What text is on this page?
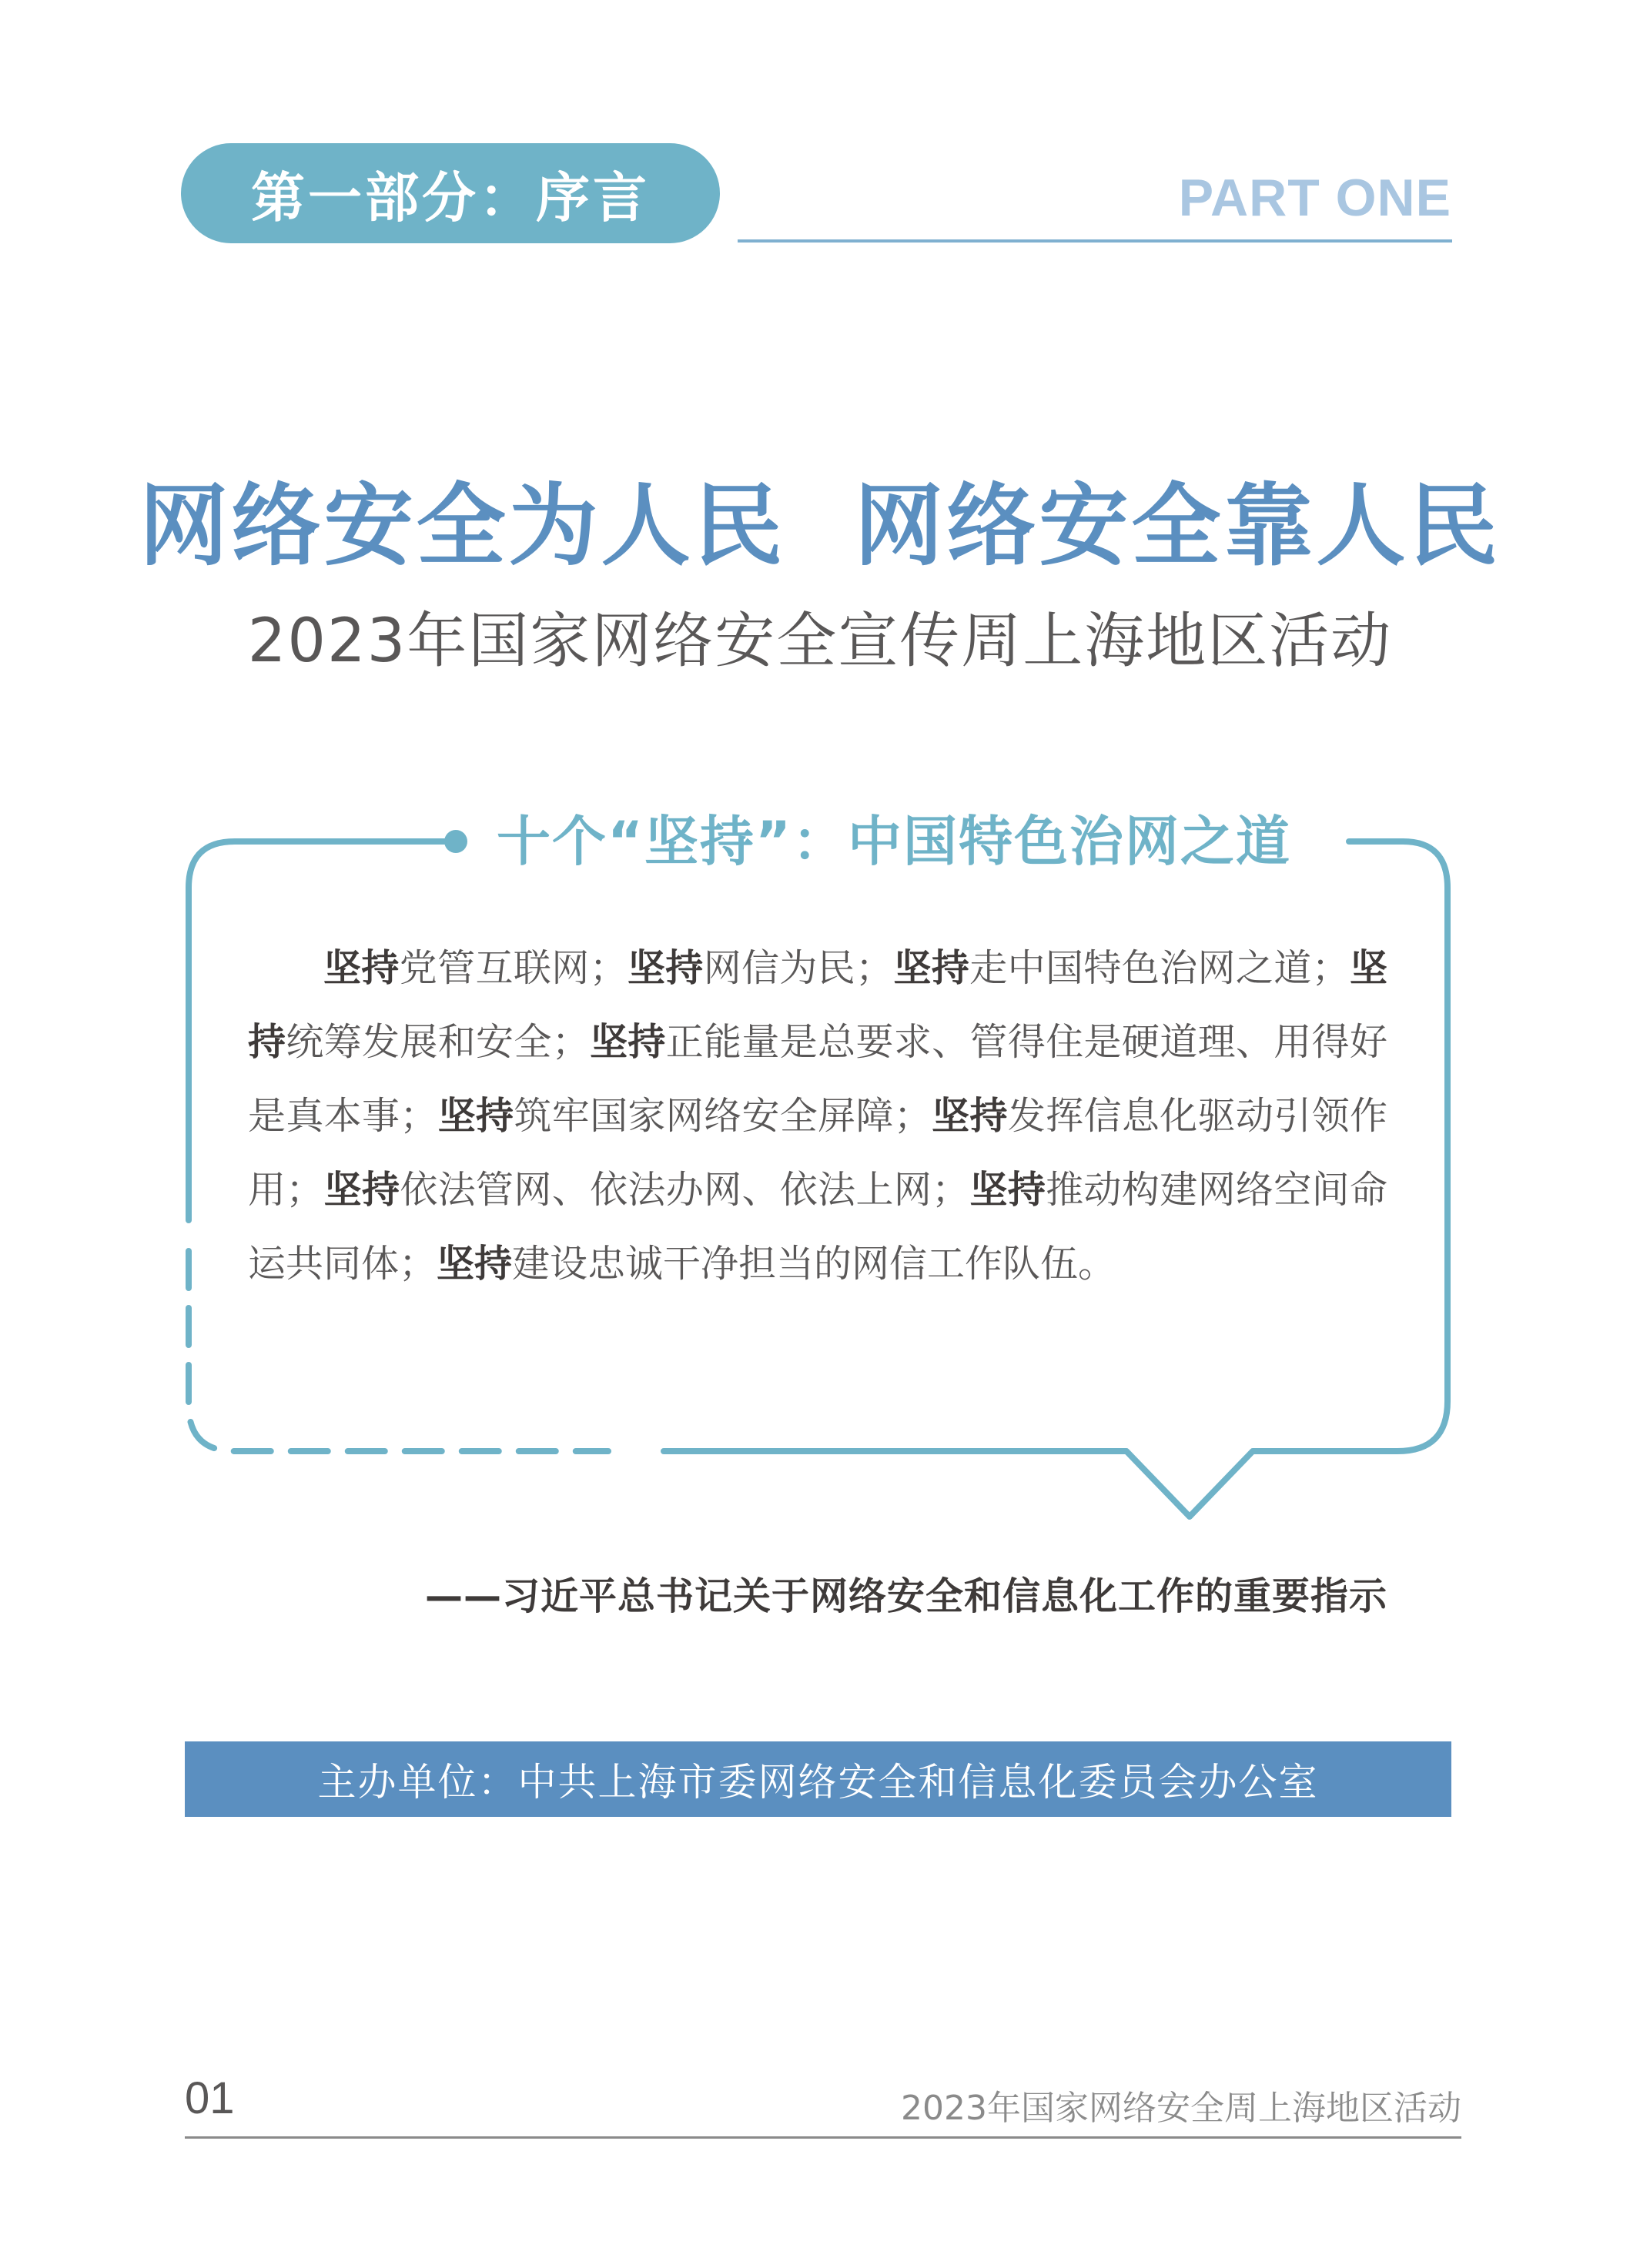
第一部分：序言	PART ONE
网络安全为人民  网络安全靠人民
2023年国家网络安全宣传周上海地区活动
十个“坚持”：中国特色治网之道
坚持党管互联网；坚持网信为民；坚持走中国特色治网之道；坚持统筹发展和安全；坚持正能量是总要求、管得住是硬道理、用得好是真本事；坚持筑牢国家网络安全屏障；坚持发挥信息化驱动引领作用；坚持依法管网、依法办网、依法上网；坚持推动构建网络空间命运共同体；坚持建设忠诚干净担当的网信工作队伍。
——习近平总书记关于网络安全和信息化工作的重要指示
主办单位：中共上海市委网络安全和信息化委员会办公室
01	2023年国家网络安全周上海地区活动
